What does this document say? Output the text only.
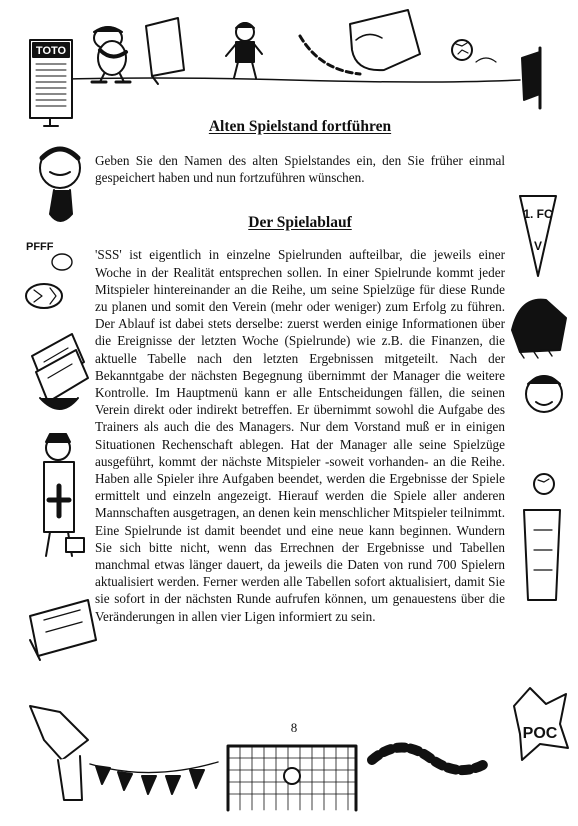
TOTO
PFFF
1. FC
V
POC
Alten Spielstand fortführen

Geben Sie den Namen des alten Spielstandes ein, den Sie früher einmal gespeichert haben und nun fortzuführen wünschen.

Der Spielablauf

'SSS' ist eigentlich in einzelne Spielrunden aufteilbar, die jeweils einer Woche in der Realität entsprechen sollen. In einer Spielrunde kommt jeder Mitspieler hintereinander an die Reihe, um seine Spielzüge für diese Runde zu planen und somit den Verein (mehr oder weniger) zum Erfolg zu führen. Der Ablauf ist dabei stets derselbe: zuerst werden einige Informationen über die Ereignisse der letzten Woche (Spielrunde) wie z.B. die Finanzen, die aktuelle Tabelle nach den letzten Ergebnissen mitgeteilt. Nach der Bekanntgabe der nächsten Begegnung übernimmt der Manager die weitere Kontrolle. Im Hauptmenü kann er alle Entscheidungen fällen, die seinen Verein direkt oder indirekt betreffen. Er übernimmt sowohl die Aufgabe des Trainers als auch die des Managers. Nur dem Vorstand muß er in einigen Situationen Rechenschaft ablegen. Hat der Manager alle seine Spielzüge ausgeführt, kommt der nächste Mitspieler -soweit vorhanden- an die Reihe. Haben alle Spieler ihre Aufgaben beendet, werden die Ergebnisse der Spiele ermittelt und einzeln angezeigt. Hierauf werden die Spiele aller anderen Mannschaften ausgetragen, an denen kein menschlicher Mitspieler teilnimmt. Eine Spielrunde ist damit beendet und eine neue kann beginnen. Wundern Sie sich bitte nicht, wenn das Errechnen der Ergebnisse und Tabellen manchmal etwas länger dauert, da jeweils die Daten von rund 700 Spielern aktualisiert werden. Ferner werden alle Tabellen sofort aktualisiert, damit Sie sie sofort in der nächsten Runde aufrufen können, um genauestens über die Veränderungen in allen vier Ligen informiert zu sein.

8
